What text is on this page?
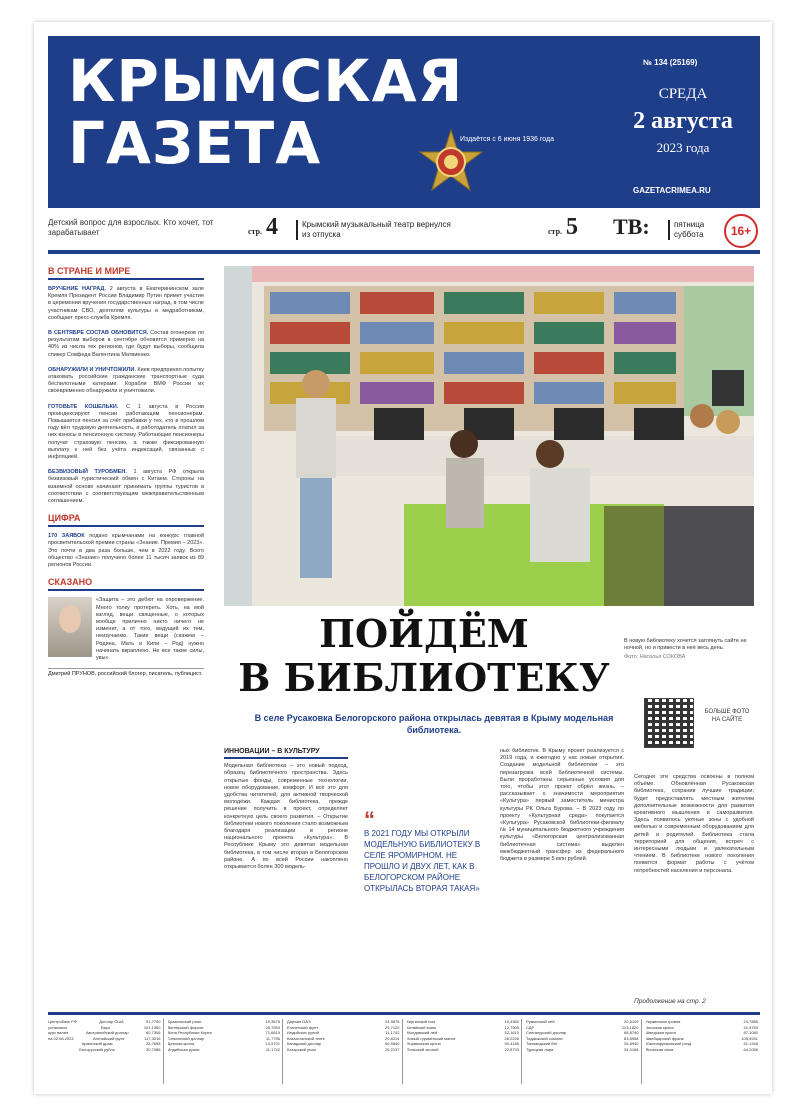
КРЫМСКАЯ
ГАЗЕТА	Издаётся с 6 июня 1936 года
№ 134 (25169)
СРЕДА
2 августа
2023 года
GAZETACRIMEA.RU
Детский вопрос для взрослых. Кто хочет, тот зарабатывает	стр. 4	Крымский музыкальный театр вернулся из отпуска	стр. 5 ТВ:	пятница суббота	16+
В СТРАНЕ И МИРЕ
ВРУЧЕНИЕ НАГРАД. 2 августа в Екатерининском зале Кремля Президент России Владимир Путин примет участие в церемонии вручения государственных наград, в том числе участникам СВО, деятелям культуры и медработникам, сообщает пресс-служба Кремля.
В СЕНТЯБРЕ СОСТАВ ОБНОВИТСЯ. Состав огонерков по результатам выборов в сентябре обновится примерно на 40% из числа тех регионов, где будут выборы, сообщила спикер Совфеда Валентина Матвиенко.
ОБНАРУЖИЛИ И УНИЧТОЖИЛИ. Киев предпринял попытку атаковать российские гражданские транспортные суда беспилотными катерами. Корабли ВМФ России их своевременно обнаружили и уничтожили.
ГОТОВЬТЕ КОШЕЛЬКИ. С 1 августа в России проиндексируют пенсии работающим пенсионерам. Повышается пенсия за счёт прибавки у тех, кто в прошлом году вёл трудовую деятельность, и работодатель платил за них взносы в пенсионную систему. Работающие пенсионеры получат страховую пенсию, а также фиксированную выплату к ней без учёта индексаций, связанных с инфляцией.
БЕЗВИЗОВЫЙ ТУРОБМЕН. 1 августа РФ открыла безвизовый туристический обмен с Китаем. Стороны на взаимной основе начинают принимать группы туристов в соответствии с соответствующим межправительственным соглашением.
ЦИФРА
170 ЗАЯВОК подано крымчанами на конкурс главной просветительской премии страны «Знание. Премия – 2023». Это почти в два раза больше, чем в 2022 году. Всего общество «Знание» получило более 11 тысяч заявок из 89 регионов России.
СКАЗАНО
«Защита – это дебют на опровержение. Много толку протереть. Хоть, на мой взгляд, вещи священные, о которых вообще прилично никто ничего не изменит, а от того, ведущий их тем, неизучаемо. Такие вещи (скажем – Родина, Мать и Кипи – Род) нужно начинать вкраплено. Не все такие силы, увы».
Дмитрий ПРУНОВ, российский блогер, писатель, публицист.
В новую библиотеку хочется заглянуть сайте не ночной, но и привести в неё весь день.
Фото: Наталья СОКОВА
ПОЙДЁМ
В БИБЛИОТЕКУ
В селе Русаковка Белогорского района открылась девятая в Крыму модельная библиотека.
БОЛЬШЕ ФОТО НА САЙТЕ
ИННОВАЦИИ – В КУЛЬТУРУ
Модельная библиотека – это новый подход, образец библиотечного пространства. Здесь открытые фонды, современные технологии, новое оборудование, комфорт. И всё это для удобства читателей, для активной творческой молодёжи. Каждая библиотека, прежде решение получить в проект, определяет конкретную цель своего развития. – Открытие библиотеки нового поколения стало возможным благодаря реализации в регионе национального проекта «Культура». В Республике Крыму это девятая модельная библиотека, в том числе вторая в Белогорском районе. А по всей России накоплено открывается более 300 модель-
“
В 2021 ГОДУ МЫ ОТКРЫЛИ МОДЕЛЬНУЮ БИБЛИОТЕКУ В СЕЛЕ ЯРОМИРНОМ. НЕ ПРОШЛО И ДВУХ ЛЕТ, КАК В БЕЛОГОРСКОМ РАЙОНЕ ОТКРЫЛАСЬ ВТОРАЯ ТАКАЯ»
ных библиотек. В Крыму проект реализуется с 2019 года, и ежегодно у нас новые открытия. Создание модельной библиотеки – это перезагрузка всей библиотечной системы. Были проработаны серьезные условия для того, чтобы этот проект обрёл жизнь, – рассказывает о значимости мероприятия «Культура» первый заместитель министра культуры РК Ольга Бурова. – В 2023 году по проекту «Культурная среда» покупается «Культура» Русаковской библиотеки-филиалу № 14 муниципального бюджетного учреждения культуры «Белогорская централизованная библиотечная система» выделен межбюджетный трансфер из федерального бюджета в размере 5 млн рублей.
Сегодня эти средства освоены в полном объёме. Обновлённая Русаковская библиотека, сохранив лучшие традиции, будет предоставлять местным жителям дополнительные возможности для развития креативного мышления и саморазвития. Здесь появилось уютные зоны с удобной мебелью и современным оборудованием для детей и родителей. Библиотека стала территорией для общения, встреч с интересными людьми и увлекательным чтением. В библиотеке нового поколения появится формат работы с учётом потребностей населения и персонала.
Продолжение на стр. 2
Центробанк РФ	Доллар США	91,7790
установил	Евро	101,1350
курс валют	Австралийский доллар	60,7306
на 02.08.2023	Английский фунт	117,3016
Армянский драм	23,7698
Белорусский рубль	30,7086
Бразильский реал	19,3678
Венгерский форинт	25,7553
Вона Республики Корея	71,6819
Гонконгский доллар	11,7756
Датская крона	13,5701
Индийская рупия	11,1742
Дирхам ОАЭ	24,9878
Египетский фунт	29,7120
Индийских рупий	11,1742
Казахстанский тенге	20,8314
Канадский доллар	69,5840
Катарский риал	25,2137
Киргизский сом	10,4360
Китайский юань	12,7905
Молдавский лей	52,1610
Новый туркменский манат	26,2226
Норвежская крона	90,4185
Польский злотый	22,8733
Румынский лей	20,5109
СДР	123,1820
Сингапурский доллар	68,8740
Таджикский сомони	83,8958
Таиландский бат	26,8940
Турецкая лира	34,0168
Украинская гривна	24,7885
Чешская крона	41,9750
Шведская крона	87,1080
Швейцарский франк	105,4931
Южноафриканский рэнд	51,1346
Японская иена	64,2056
